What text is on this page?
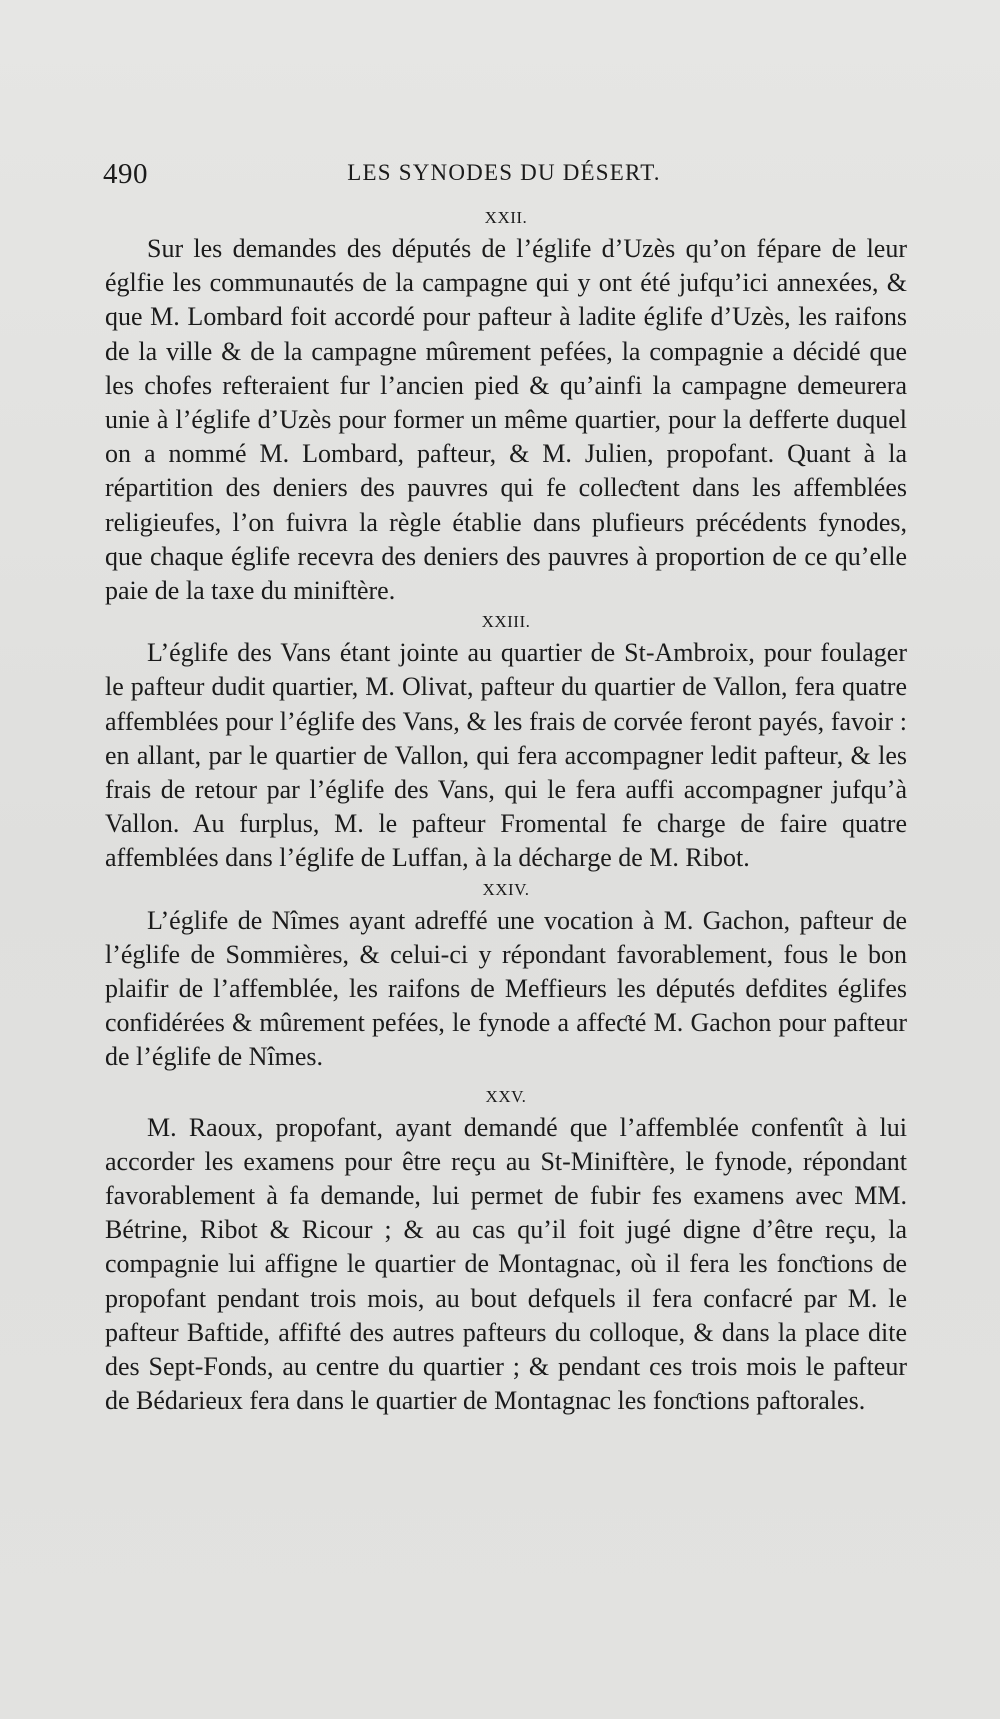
490	LES SYNODES DU DÉSERT.
XXII.

Sur les demandes des députés de l’églife d’Uzès qu’on fépare de leur églfie les communautés de la campagne qui y ont été jufqu’ici annexées, & que M. Lombard foit accordé pour pafteur à ladite églife d’Uzès, les raifons de la ville & de la campagne mûrement pefées, la compagnie a décidé que les chofes refteraient fur l’ancien pied & qu’ainfi la campagne demeurera unie à l’églife d’Uzès pour former un même quartier, pour la defferte duquel on a nommé M. Lombard, pafteur, & M. Julien, propofant. Quant à la répartition des deniers des pauvres qui fe colleƈtent dans les affemblées religieufes, l’on fuivra la règle établie dans plufieurs précédents fynodes, que chaque églife recevra des deniers des pauvres à proportion de ce qu’elle paie de la taxe du miniftère.

XXIII.

L’églife des Vans étant jointe au quartier de St-Ambroix, pour foulager le pafteur dudit quartier, M. Olivat, pafteur du quartier de Vallon, fera quatre affemblées pour l’églife des Vans, & les frais de corvée feront payés, favoir : en allant, par le quartier de Vallon, qui fera accompagner ledit pafteur, & les frais de retour par l’églife des Vans, qui le fera auffi accompagner jufqu’à Vallon. Au furplus, M. le pafteur Fromental fe charge de faire quatre affemblées dans l’églife de Luffan, à la décharge de M. Ribot.

XXIV.

L’églife de Nîmes ayant adreffé une vocation à M. Gachon, pafteur de l’églife de Sommières, & celui-ci y répondant favorablement, fous le bon plaifir de l’affemblée, les raifons de Meffieurs les députés defdites églifes confidérées & mûrement pefées, le fynode a affeƈté M. Gachon pour pafteur de l’églife de Nîmes.

XXV.

M. Raoux, propofant, ayant demandé que l’affemblée confentît à lui accorder les examens pour être reçu au St-Miniftère, le fynode, répondant favorablement à fa demande, lui permet de fubir fes examens avec MM. Bétrine, Ribot & Ricour ; & au cas qu’il foit jugé digne d’être reçu, la compagnie lui affigne le quartier de Montagnac, où il fera les fonƈtions de propofant pendant trois mois, au bout defquels il fera confacré par M. le pafteur Baftide, affifté des autres pafteurs du colloque, & dans la place dite des Sept-Fonds, au centre du quartier ; & pendant ces trois mois le pafteur de Bédarieux fera dans le quartier de Montagnac les fonƈtions paftorales.
